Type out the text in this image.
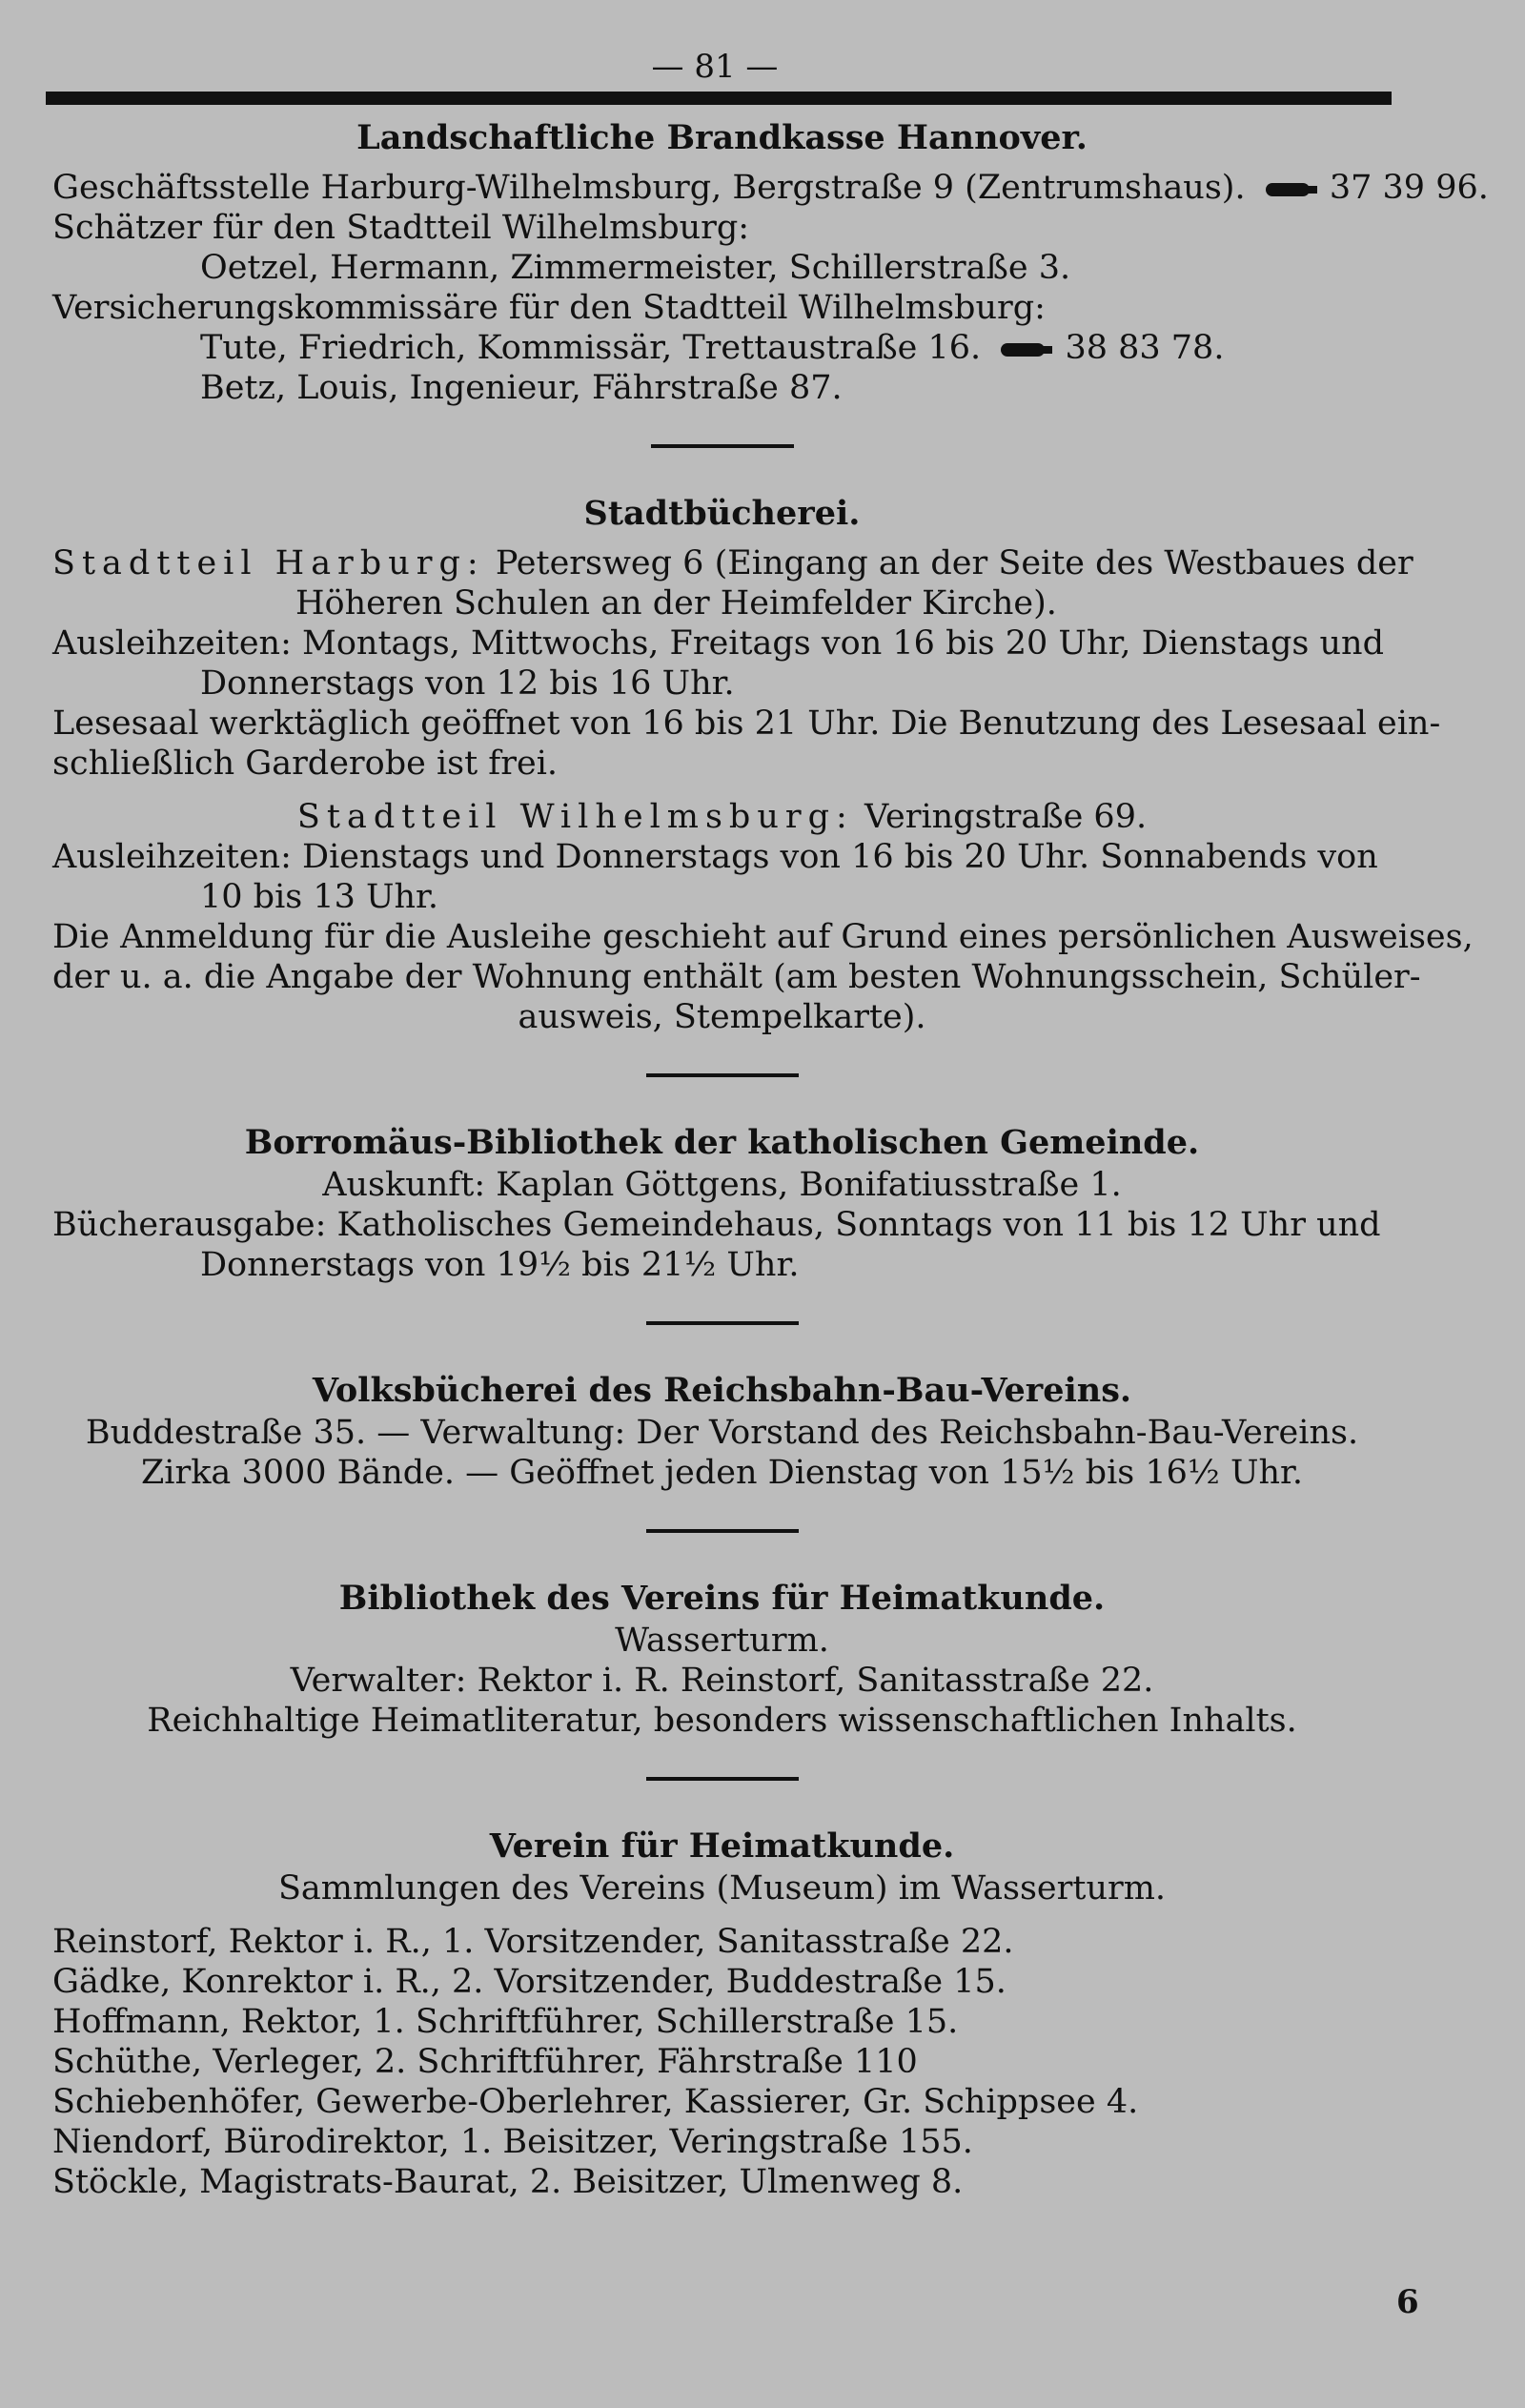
— 81 —
Landschaftliche Brandkasse Hannover.

Geschäftsstelle Harburg-Wilhelmsburg, Bergstraße 9 (Zentrumshaus).	37 39 96.

Schätzer für den Stadtteil Wilhelmsburg:

Oetzel, Hermann, Zimmermeister, Schillerstraße 3.

Versicherungskommissäre für den Stadtteil Wilhelmsburg:

Tute, Friedrich, Kommissär, Trettaustraße 16.	38 83 78.

Betz, Louis, Ingenieur, Fährstraße 87.

Stadtbücherei.

Stadtteil Harburg: Petersweg 6 (Eingang an der Seite des Westbaues der

Höheren Schulen an der Heimfelder Kirche).

Ausleihzeiten: Montags, Mittwochs, Freitags von 16 bis 20 Uhr, Dienstags und

Donnerstags von 12 bis 16 Uhr.

Lesesaal werktäglich geöffnet von 16 bis 21 Uhr. Die Benutzung des Lesesaal ein-

schließlich Garderobe ist frei.

Stadtteil Wilhelmsburg: Veringstraße 69.

Ausleihzeiten: Dienstags und Donnerstags von 16 bis 20 Uhr. Sonnabends von

10 bis 13 Uhr.

Die Anmeldung für die Ausleihe geschieht auf Grund eines persönlichen Ausweises,

der u. a. die Angabe der Wohnung enthält (am besten Wohnungsschein, Schüler-

ausweis, Stempelkarte).

Borromäus-Bibliothek der katholischen Gemeinde.

Auskunft: Kaplan Göttgens, Bonifatiusstraße 1.

Bücherausgabe: Katholisches Gemeindehaus, Sonntags von 11 bis 12 Uhr und

Donnerstags von 19½ bis 21½ Uhr.

Volksbücherei des Reichsbahn-Bau-Vereins.

Buddestraße 35. — Verwaltung: Der Vorstand des Reichsbahn-Bau-Vereins.

Zirka 3000 Bände. — Geöffnet jeden Dienstag von 15½ bis 16½ Uhr.

Bibliothek des Vereins für Heimatkunde.

Wasserturm.

Verwalter: Rektor i. R. Reinstorf, Sanitasstraße 22.

Reichhaltige Heimatliteratur, besonders wissenschaftlichen Inhalts.

Verein für Heimatkunde.

Sammlungen des Vereins (Museum) im Wasserturm.

Reinstorf, Rektor i. R., 1. Vorsitzender, Sanitasstraße 22.

Gädke, Konrektor i. R., 2. Vorsitzender, Buddestraße 15.

Hoffmann, Rektor, 1. Schriftführer, Schillerstraße 15.

Schüthe, Verleger, 2. Schriftführer, Fährstraße 110

Schiebenhöfer, Gewerbe-Oberlehrer, Kassierer, Gr. Schippsee 4.

Niendorf, Bürodirektor, 1. Beisitzer, Veringstraße 155.

Stöckle, Magistrats-Baurat, 2. Beisitzer, Ulmenweg 8.

6
